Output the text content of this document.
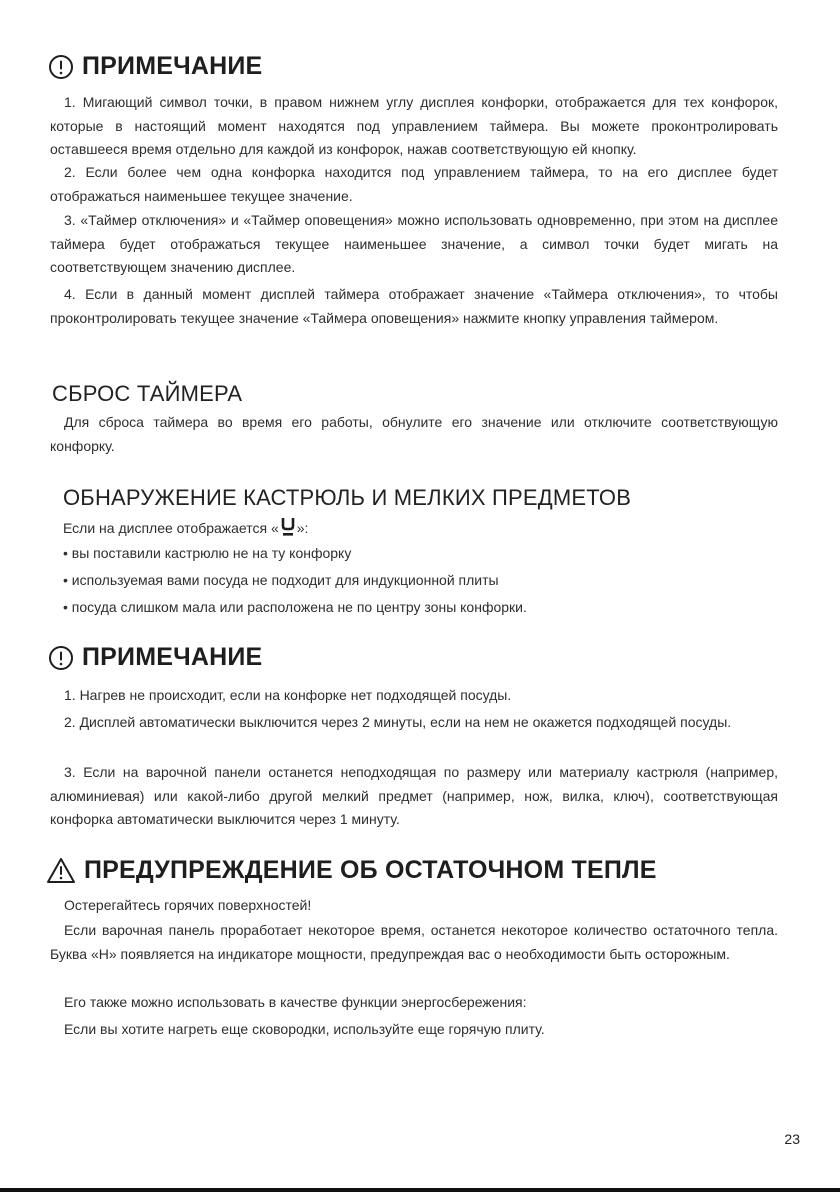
ПРИМЕЧАНИЕ

1. Мигающий символ точки, в правом нижнем углу дисплея конфорки, отображается для тех конфорок, которые в настоящий момент находятся под управлением таймера. Вы можете проконтролировать оставшееся время отдельно для каждой из конфорок, нажав соответствующую ей кнопку.

2. Если более чем одна конфорка находится под управлением таймера, то на его дисплее будет отображаться наименьшее текущее значение.

3. «Таймер отключения» и «Таймер оповещения» можно использовать одновременно, при этом на дисплее таймера будет отображаться текущее наименьшее значение, а символ точки будет мигать на соответствующем значению дисплее.

4. Если в данный момент дисплей таймера отображает значение «Таймера отключения», то чтобы проконтролировать текущее значение «Таймера оповещения» нажмите кнопку управления таймером.

СБРОС ТАЙМЕРА

Для сброса таймера во время его работы, обнулите его значение или отключите соответствующую конфорку.

ОБНАРУЖЕНИЕ КАСТРЮЛЬ И МЕЛКИХ ПРЕДМЕТОВ
Если на дисплее отображается « »:
• вы поставили кастрюлю не на ту конфорку
• используемая вами посуда не подходит для индукционной плиты
• посуда слишком мала или расположена не по центру зоны конфорки.
ПРИМЕЧАНИЕ

1. Нагрев не происходит, если на конфорке нет подходящей посуды.

2. Дисплей автоматически выключится через 2 минуты, если на нем не окажется подходящей посуды.

3. Если на варочной панели останется неподходящая по размеру или материалу кастрюля (например, алюминиевая) или какой-либо другой мелкий предмет (например, нож, вилка, ключ), соответствующая конфорка автоматически выключится через 1 минуту.

ПРЕДУПРЕЖДЕНИЕ ОБ ОСТАТОЧНОМ ТЕПЛЕ

Остерегайтесь горячих поверхностей!

Если варочная панель проработает некоторое время, останется некоторое количество остаточного тепла. Буква «Н» появляется на индикаторе мощности, предупреждая вас о необходимости быть осторожным.

Его также можно использовать в качестве функции энергосбережения:

Если вы хотите нагреть еще сковородки, используйте еще горячую плиту.

23
